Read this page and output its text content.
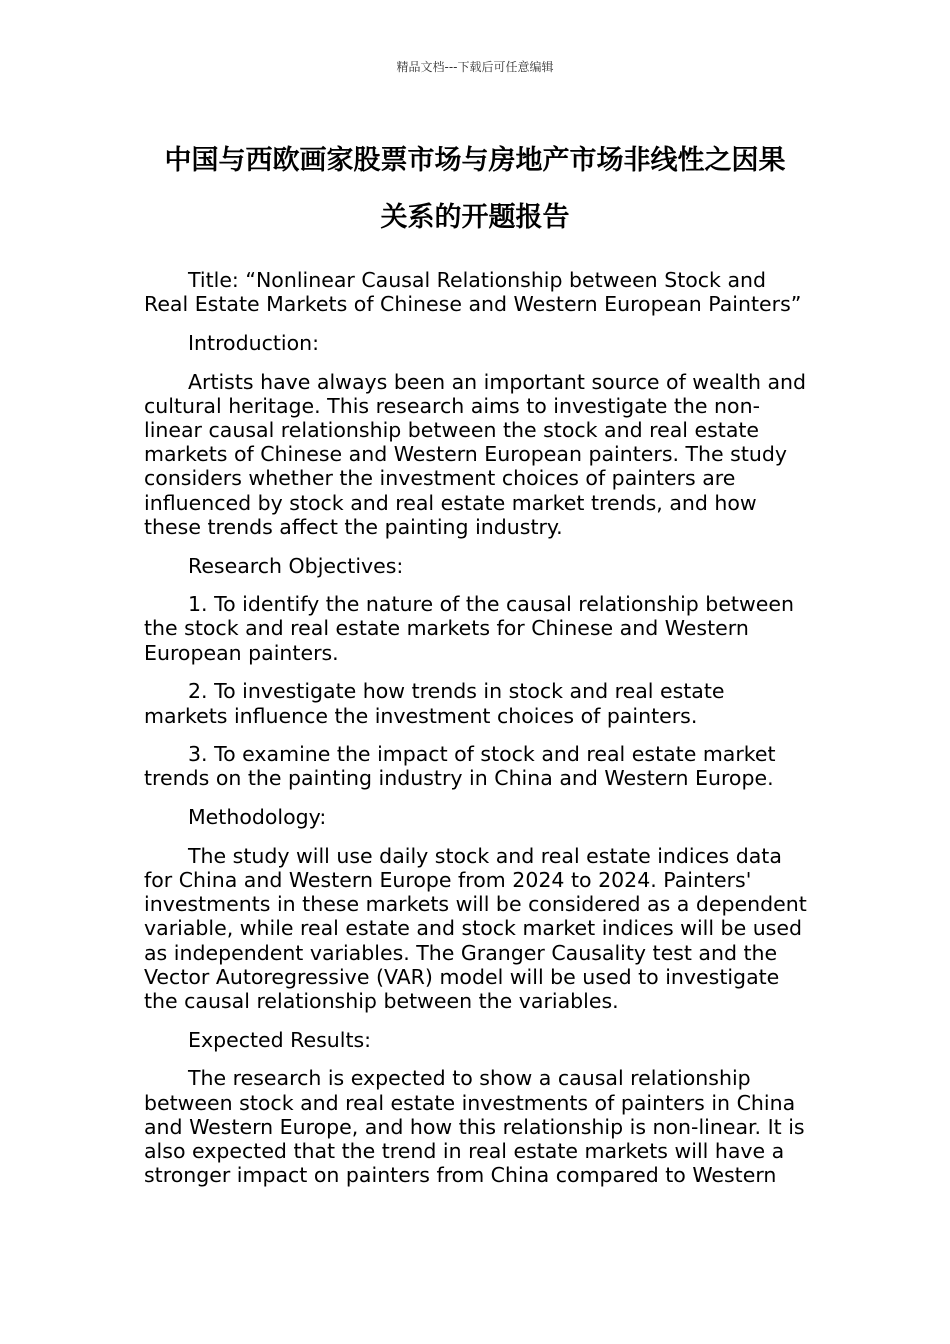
精品文档---下载后可任意编辑
中国与西欧画家股票市场与房地产市场非线性之因果
关系的开题报告

Title: “Nonlinear Causal Relationship between Stock and Real Estate Markets of Chinese and Western European Painters”

Introduction:

Artists have always been an important source of wealth and cultural heritage. This research aims to investigate the non-linear causal relationship between the stock and real estate markets of Chinese and Western European painters. The study considers whether the investment choices of painters are influenced by stock and real estate market trends, and how these trends affect the painting industry.

Research Objectives:

1. To identify the nature of the causal relationship between the stock and real estate markets for Chinese and Western European painters.

2. To investigate how trends in stock and real estate markets influence the investment choices of painters.

3. To examine the impact of stock and real estate market trends on the painting industry in China and Western Europe.

Methodology:

The study will use daily stock and real estate indices data for China and Western Europe from 2024 to 2024. Painters' investments in these markets will be considered as a dependent variable, while real estate and stock market indices will be used as independent variables. The Granger Causality test and the Vector Autoregressive (VAR) model will be used to investigate the causal relationship between the variables.

Expected Results:

The research is expected to show a causal relationship between stock and real estate investments of painters in China and Western Europe, and how this relationship is non-linear. It is also expected that the trend in real estate markets will have a stronger impact on painters from China compared to Western
